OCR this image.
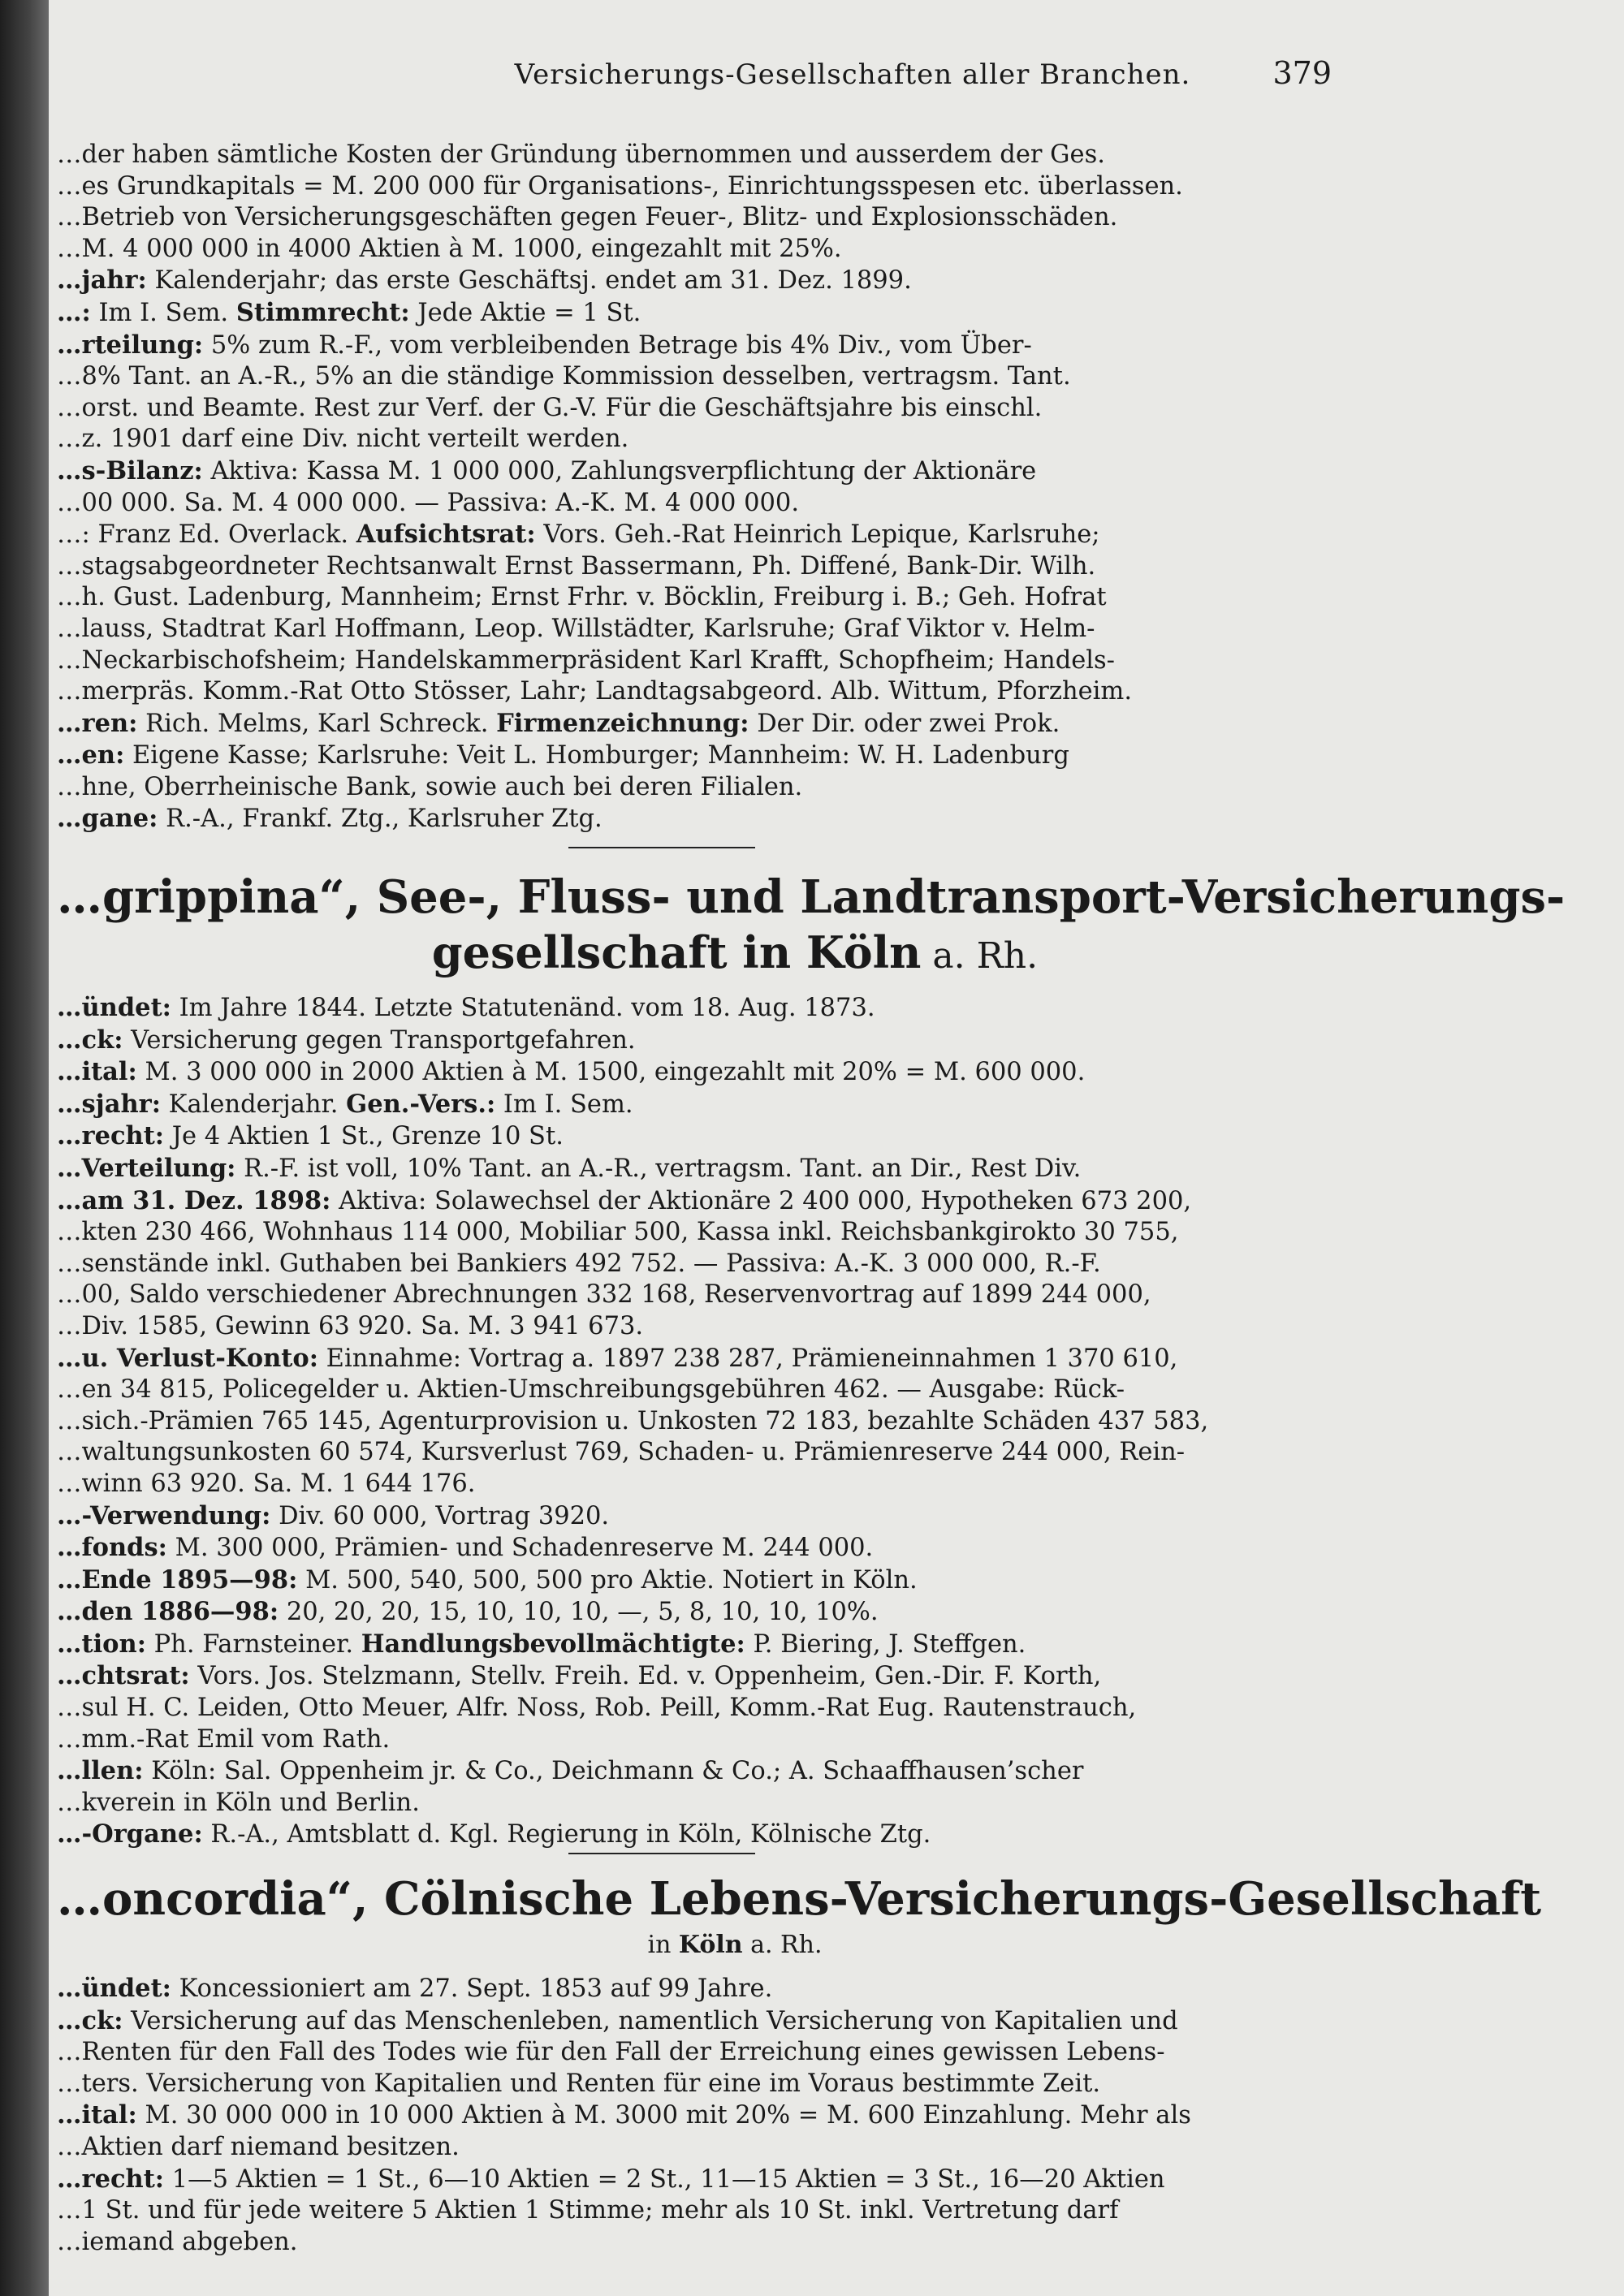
Versicherungs-Gesellschaften aller Branchen.	379
…der haben sämtliche Kosten der Gründung übernommen und ausserdem der Ges.
…es Grundkapitals = M. 200 000 für Organisations-, Einrichtungsspesen etc. überlassen.
…Betrieb von Versicherungsgeschäften gegen Feuer-, Blitz- und Explosionsschäden.
…M. 4 000 000 in 4000 Aktien à M. 1000, eingezahlt mit 25%.
…jahr: Kalenderjahr; das erste Geschäftsj. endet am 31. Dez. 1899.
…: Im I. Sem. Stimmrecht: Jede Aktie = 1 St.
…rteilung: 5% zum R.-F., vom verbleibenden Betrage bis 4% Div., vom Über-
…8% Tant. an A.-R., 5% an die ständige Kommission desselben, vertragsm. Tant.
…orst. und Beamte. Rest zur Verf. der G.-V. Für die Geschäftsjahre bis einschl.
…z. 1901 darf eine Div. nicht verteilt werden.
…s-Bilanz: Aktiva: Kassa M. 1 000 000, Zahlungsverpflichtung der Aktionäre
…00 000. Sa. M. 4 000 000. — Passiva: A.-K. M. 4 000 000.
…: Franz Ed. Overlack. Aufsichtsrat: Vors. Geh.-Rat Heinrich Lepique, Karlsruhe;
…stagsabgeordneter Rechtsanwalt Ernst Bassermann, Ph. Diffené, Bank-Dir. Wilh.
…h. Gust. Ladenburg, Mannheim; Ernst Frhr. v. Böcklin, Freiburg i. B.; Geh. Hofrat
…lauss, Stadtrat Karl Hoffmann, Leop. Willstädter, Karlsruhe; Graf Viktor v. Helm-
…Neckarbischofsheim; Handelskammerpräsident Karl Krafft, Schopfheim; Handels-
…merpräs. Komm.-Rat Otto Stösser, Lahr; Landtagsabgeord. Alb. Wittum, Pforzheim.
…ren: Rich. Melms, Karl Schreck. Firmenzeichnung: Der Dir. oder zwei Prok.
…en: Eigene Kasse; Karlsruhe: Veit L. Homburger; Mannheim: W. H. Ladenburg
…hne, Oberrheinische Bank, sowie auch bei deren Filialen.
…gane: R.-A., Frankf. Ztg., Karlsruher Ztg.
…grippina“, See-, Fluss- und Landtransport-Versicherungs-
gesellschaft in Köln a. Rh.
…ündet: Im Jahre 1844. Letzte Statutenänd. vom 18. Aug. 1873.
…ck: Versicherung gegen Transportgefahren.
…ital: M. 3 000 000 in 2000 Aktien à M. 1500, eingezahlt mit 20% = M. 600 000.
…sjahr: Kalenderjahr. Gen.-Vers.: Im I. Sem.
…recht: Je 4 Aktien 1 St., Grenze 10 St.
…Verteilung: R.-F. ist voll, 10% Tant. an A.-R., vertragsm. Tant. an Dir., Rest Div.
…am 31. Dez. 1898: Aktiva: Solawechsel der Aktionäre 2 400 000, Hypotheken 673 200,
…kten 230 466, Wohnhaus 114 000, Mobiliar 500, Kassa inkl. Reichsbankgirokto 30 755,
…senstände inkl. Guthaben bei Bankiers 492 752. — Passiva: A.-K. 3 000 000, R.-F.
…00, Saldo verschiedener Abrechnungen 332 168, Reservenvortrag auf 1899 244 000,
…Div. 1585, Gewinn 63 920. Sa. M. 3 941 673.
…u. Verlust-Konto: Einnahme: Vortrag a. 1897 238 287, Prämieneinnahmen 1 370 610,
…en 34 815, Policegelder u. Aktien-Umschreibungsgebühren 462. — Ausgabe: Rück-
…sich.-Prämien 765 145, Agenturprovision u. Unkosten 72 183, bezahlte Schäden 437 583,
…waltungsunkosten 60 574, Kursverlust 769, Schaden- u. Prämienreserve 244 000, Rein-
…winn 63 920. Sa. M. 1 644 176.
…-Verwendung: Div. 60 000, Vortrag 3920.
…fonds: M. 300 000, Prämien- und Schadenreserve M. 244 000.
…Ende 1895—98: M. 500, 540, 500, 500 pro Aktie. Notiert in Köln.
…den 1886—98: 20, 20, 20, 15, 10, 10, 10, —, 5, 8, 10, 10, 10%.
…tion: Ph. Farnsteiner. Handlungsbevollmächtigte: P. Biering, J. Steffgen.
…chtsrat: Vors. Jos. Stelzmann, Stellv. Freih. Ed. v. Oppenheim, Gen.-Dir. F. Korth,
…sul H. C. Leiden, Otto Meuer, Alfr. Noss, Rob. Peill, Komm.-Rat Eug. Rautenstrauch,
…mm.-Rat Emil vom Rath.
…llen: Köln: Sal. Oppenheim jr. & Co., Deichmann & Co.; A. Schaaffhausen’scher
…kverein in Köln und Berlin.
…-Organe: R.-A., Amtsblatt d. Kgl. Regierung in Köln, Kölnische Ztg.
…oncordia“, Cölnische Lebens-Versicherungs-Gesellschaft
in Köln a. Rh.
…ündet: Koncessioniert am 27. Sept. 1853 auf 99 Jahre.
…ck: Versicherung auf das Menschenleben, namentlich Versicherung von Kapitalien und
…Renten für den Fall des Todes wie für den Fall der Erreichung eines gewissen Lebens-
…ters. Versicherung von Kapitalien und Renten für eine im Voraus bestimmte Zeit.
…ital: M. 30 000 000 in 10 000 Aktien à M. 3000 mit 20% = M. 600 Einzahlung. Mehr als
…Aktien darf niemand besitzen.
…recht: 1—5 Aktien = 1 St., 6—10 Aktien = 2 St., 11—15 Aktien = 3 St., 16—20 Aktien
…1 St. und für jede weitere 5 Aktien 1 Stimme; mehr als 10 St. inkl. Vertretung darf
…iemand abgeben.
